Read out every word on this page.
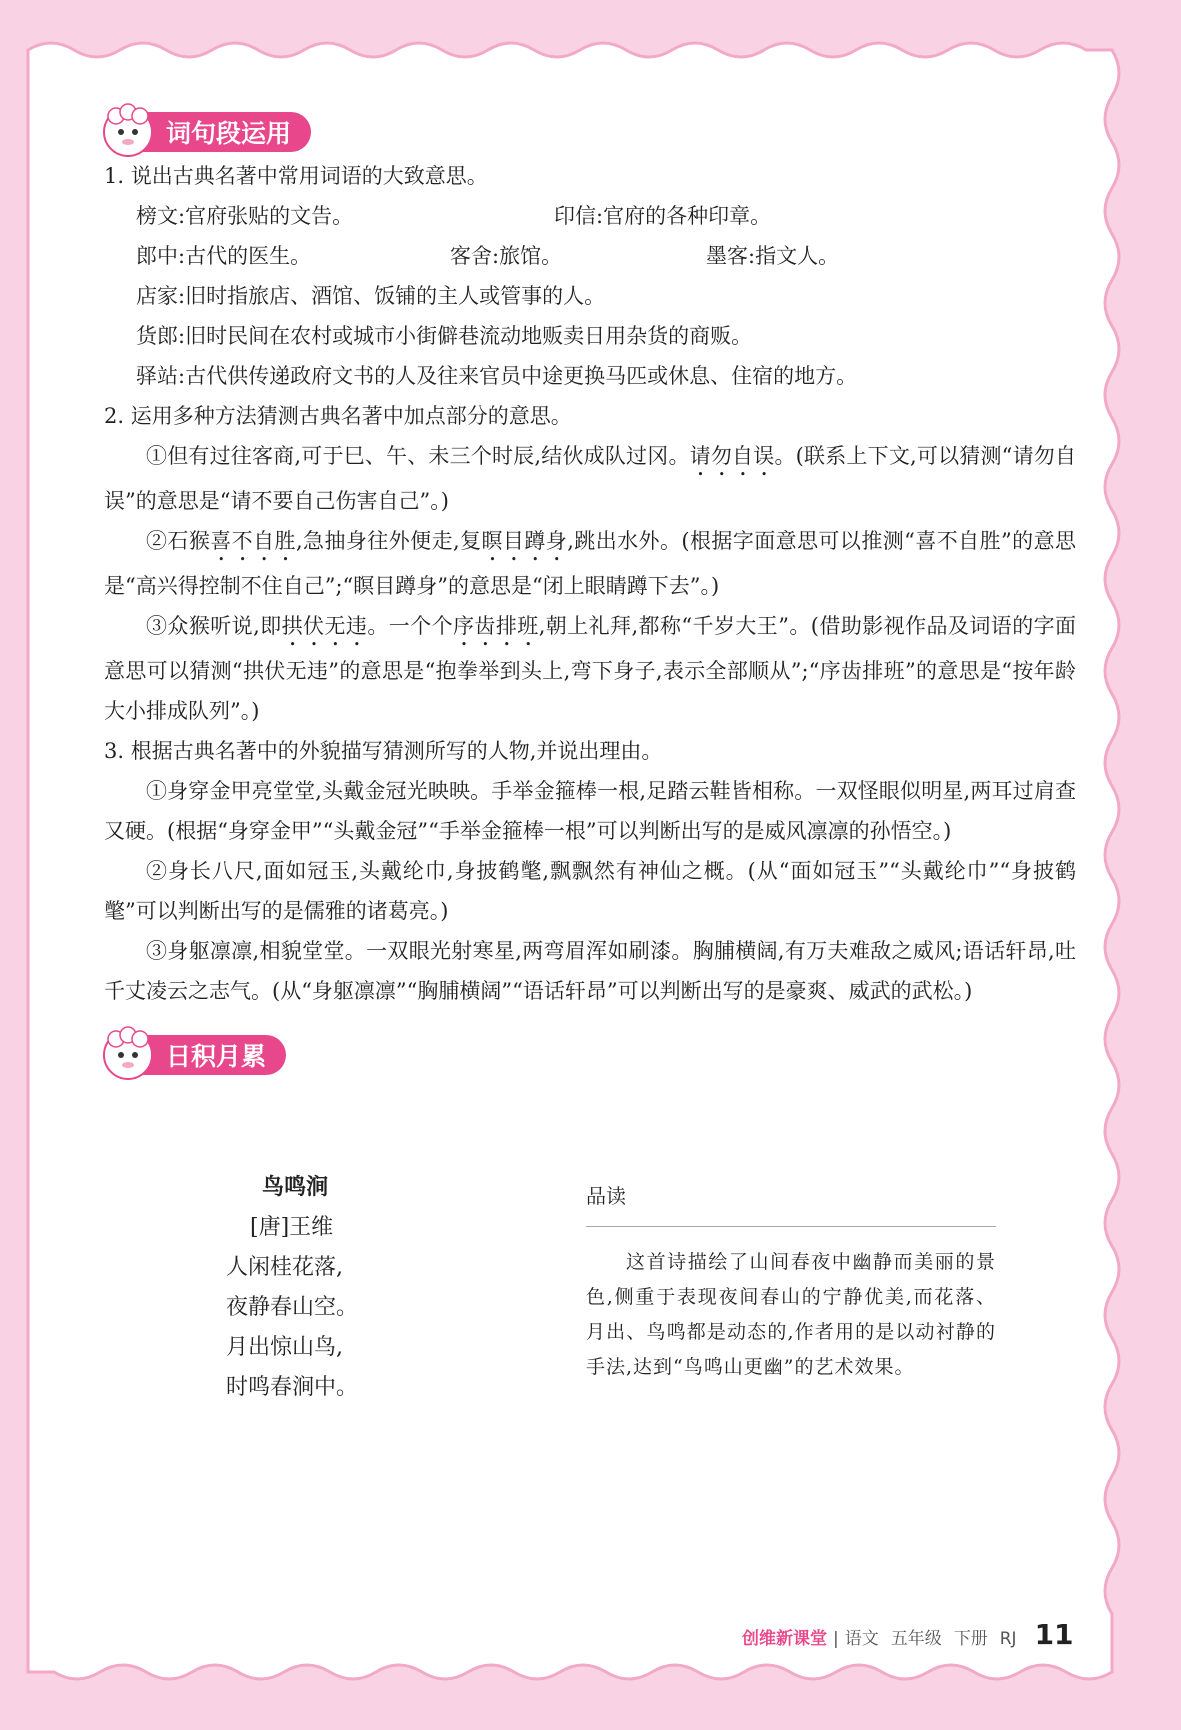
词句段运用
1. 说出古典名著中常用词语的大致意思。
榜文:官府张贴的文告。	印信:官府的各种印章。
郎中:古代的医生。	客舍:旅馆。	墨客:指文人。
店家:旧时指旅店、酒馆、饭铺的主人或管事的人。
货郎:旧时民间在农村或城市小街僻巷流动地贩卖日用杂货的商贩。
驿站:古代供传递政府文书的人及往来官员中途更换马匹或休息、住宿的地方。
2. 运用多种方法猜测古典名著中加点部分的意思。
①但有过往客商,可于巳、午、未三个时辰,结伙成队过冈。请勿自误。(联系上下文,可以猜测“请勿自误”的意思是“请不要自己伤害自己”。)
②石猴喜不自胜,急抽身往外便走,复瞑目蹲身,跳出水外。(根据字面意思可以推测“喜不自胜”的意思是“高兴得控制不住自己”;“瞑目蹲身”的意思是“闭上眼睛蹲下去”。)
③众猴听说,即拱伏无违。一个个序齿排班,朝上礼拜,都称“千岁大王”。(借助影视作品及词语的字面意思可以猜测“拱伏无违”的意思是“抱拳举到头上,弯下身子,表示全部顺从”;“序齿排班”的意思是“按年龄大小排成队列”。)
3. 根据古典名著中的外貌描写猜测所写的人物,并说出理由。
①身穿金甲亮堂堂,头戴金冠光映映。手举金箍棒一根,足踏云鞋皆相称。一双怪眼似明星,两耳过肩查又硬。(根据“身穿金甲”“头戴金冠”“手举金箍棒一根”可以判断出写的是威风凛凛的孙悟空。)
②身长八尺,面如冠玉,头戴纶巾,身披鹤氅,飘飘然有神仙之概。(从“面如冠玉”“头戴纶巾”“身披鹤氅”可以判断出写的是儒雅的诸葛亮。)
③身躯凛凛,相貌堂堂。一双眼光射寒星,两弯眉浑如刷漆。胸脯横阔,有万夫难敌之威风;语话轩昂,吐千丈凌云之志气。(从“身躯凛凛”“胸脯横阔”“语话轩昂”可以判断出写的是豪爽、威武的武松。)
日积月累
鸟鸣涧
[唐]王维
人闲桂花落,
夜静春山空。
月出惊山鸟,
时鸣春涧中。
品读
这首诗描绘了山间春夜中幽静而美丽的景色,侧重于表现夜间春山的宁静优美,而花落、月出、鸟鸣都是动态的,作者用的是以动衬静的手法,达到“鸟鸣山更幽”的艺术效果。
创维新课堂 | 语文 五年级 下册 RJ 11
